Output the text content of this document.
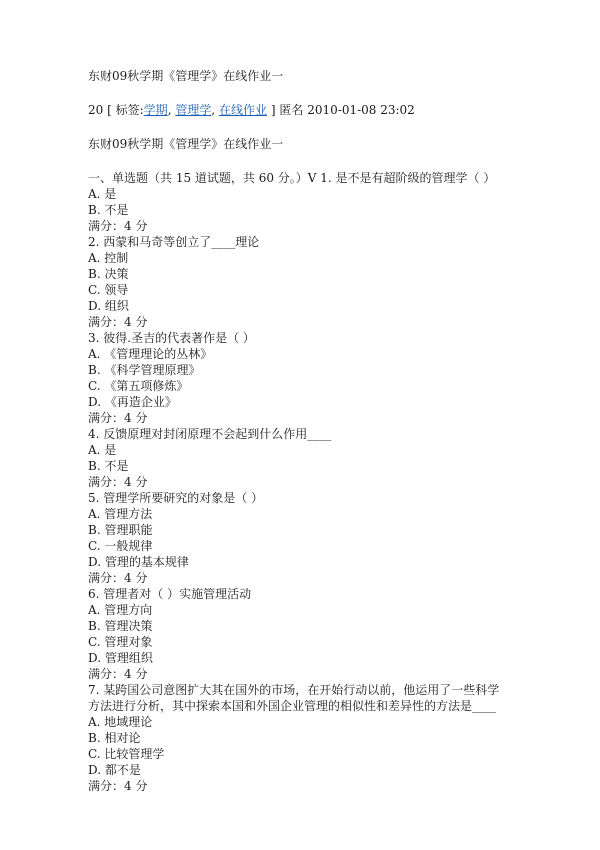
东财09秋学期《管理学》在线作业一
20 [ 标签:学期, 管理学, 在线作业 ] 匿名 2010-01-08 23:02
东财09秋学期《管理学》在线作业一
一、单选题（共 15 道试题，共 60 分。）V 1. 是不是有超阶级的管理学（ ）
A. 是
B. 不是
满分：4 分
2. 西蒙和马奇等创立了____理论
A. 控制
B. 决策
C. 领导
D. 组织
满分：4 分
3. 彼得.圣吉的代表著作是（ ）
A. 《管理理论的丛林》
B. 《科学管理原理》
C. 《第五项修炼》
D. 《再造企业》
满分：4 分
4. 反馈原理对封闭原理不会起到什么作用____
A. 是
B. 不是
满分：4 分
5. 管理学所要研究的对象是（ ）
A. 管理方法
B. 管理职能
C. 一般规律
D. 管理的基本规律
满分：4 分
6. 管理者对（ ）实施管理活动
A. 管理方向
B. 管理决策
C. 管理对象
D. 管理组织
满分：4 分
7. 某跨国公司意图扩大其在国外的市场，在开始行动以前，他运用了一些科学
方法进行分析，其中探索本国和外国企业管理的相似性和差异性的方法是____
A. 地域理论
B. 相对论
C. 比较管理学
D. 都不是
满分：4 分
